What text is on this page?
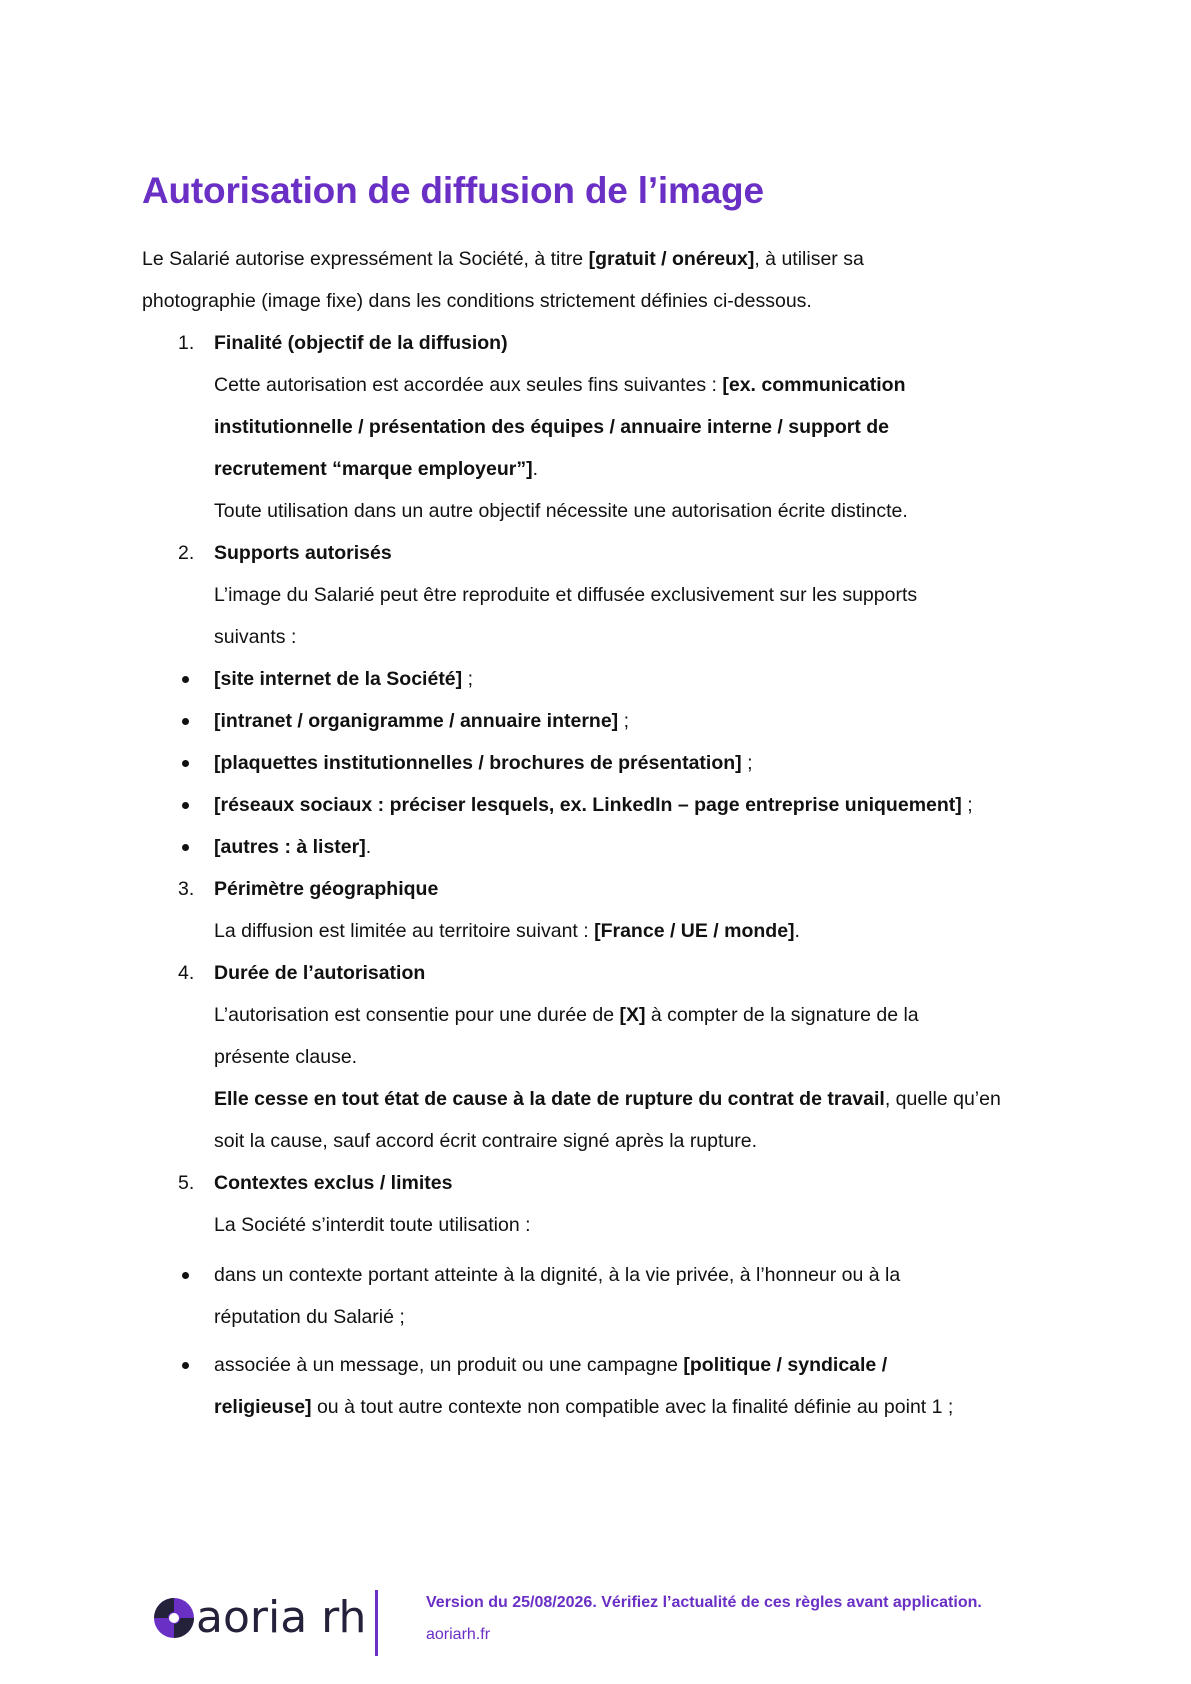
Autorisation de diffusion de l’image
Le Salarié autorise expressément la Société, à titre [gratuit / onéreux], à utiliser sa
photographie (image fixe) dans les conditions strictement définies ci-dessous.
1. Finalité (objectif de la diffusion)
Cette autorisation est accordée aux seules fins suivantes : [ex. communication
institutionnelle / présentation des équipes / annuaire interne / support de
recrutement “marque employeur”].
Toute utilisation dans un autre objectif nécessite une autorisation écrite distincte.
2. Supports autorisés
L’image du Salarié peut être reproduite et diffusée exclusivement sur les supports
suivants :
[site internet de la Société] ;
[intranet / organigramme / annuaire interne] ;
[plaquettes institutionnelles / brochures de présentation] ;
[réseaux sociaux : préciser lesquels, ex. LinkedIn – page entreprise uniquement] ;
[autres : à lister].
3. Périmètre géographique
La diffusion est limitée au territoire suivant : [France / UE / monde].
4. Durée de l’autorisation
L’autorisation est consentie pour une durée de [X] à compter de la signature de la
présente clause.
Elle cesse en tout état de cause à la date de rupture du contrat de travail, quelle qu’en
soit la cause, sauf accord écrit contraire signé après la rupture.
5. Contextes exclus / limites
La Société s’interdit toute utilisation :
dans un contexte portant atteinte à la dignité, à la vie privée, à l’honneur ou à la
réputation du Salarié ;
associée à un message, un produit ou une campagne [politique / syndicale /
religieuse] ou à tout autre contexte non compatible avec la finalité définie au point 1 ;
aoria rh	Version du 25/08/2026. Vérifiez l’actualité de ces règles avant application.
aoriarh.fr
